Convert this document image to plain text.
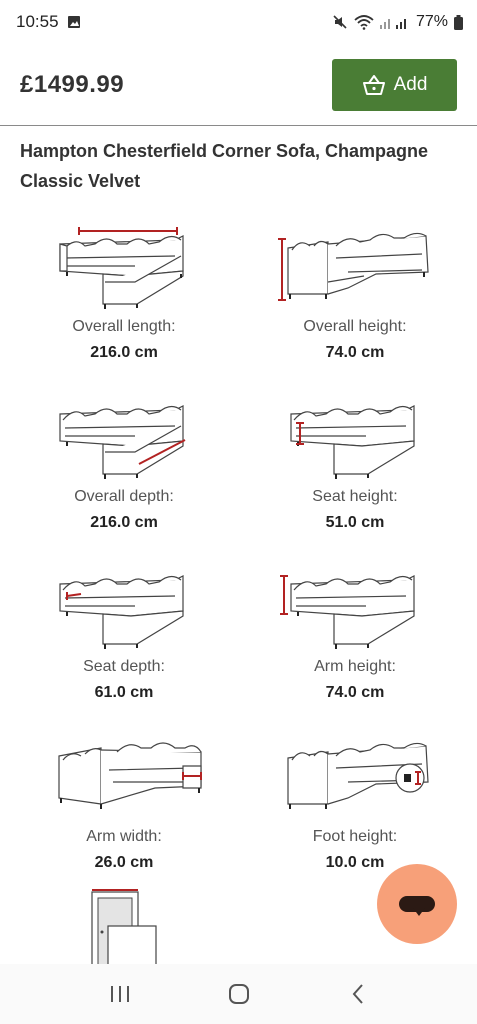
10:55	77%
£1499.99	Add
Hampton Chesterfield Corner Sofa, Champagne Classic Velvet
Overall length:
216.0 cm
Overall height:
74.0 cm
Overall depth:
216.0 cm
Seat height:
51.0 cm
Seat depth:
61.0 cm
Arm height:
74.0 cm
Arm width:
26.0 cm
Foot height:
10.0 cm
